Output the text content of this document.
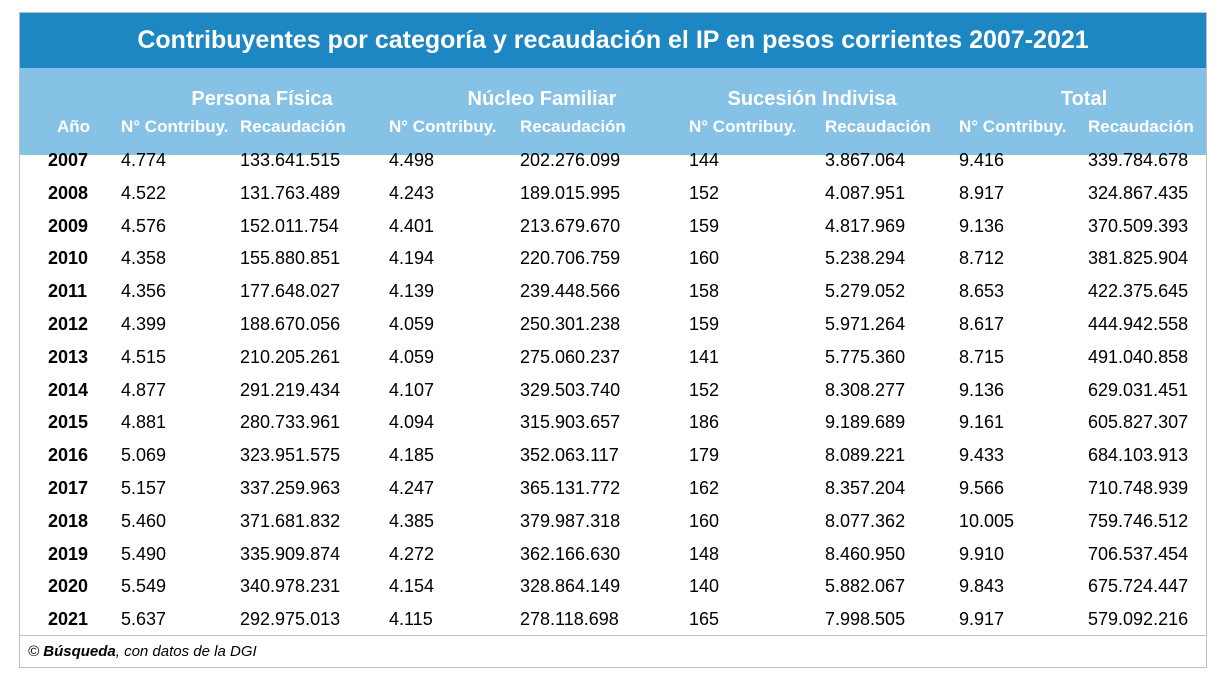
Contribuyentes por categoría y recaudación el IP en pesos corrientes 2007-2021
Persona Física	Núcleo Familiar	Sucesión Indivisa	Total
Año N° Contribuy. Recaudación	N° Contribuy. Recaudación	N° Contribuy. Recaudación N° Contribuy. Recaudación
2007 4.774	133.641.515	4.498	202.276.099	144	3.867.064	9.416	339.784.678
2008 4.522	131.763.489	4.243	189.015.995	152	4.087.951	8.917	324.867.435
2009 4.576	152.011.754	4.401	213.679.670	159	4.817.969	9.136	370.509.393
2010 4.358	155.880.851	4.194	220.706.759	160	5.238.294	8.712	381.825.904
2011 4.356	177.648.027	4.139	239.448.566	158	5.279.052	8.653	422.375.645
2012 4.399	188.670.056	4.059	250.301.238	159	5.971.264	8.617	444.942.558
2013 4.515	210.205.261	4.059	275.060.237	141	5.775.360	8.715	491.040.858
2014 4.877	291.219.434	4.107	329.503.740	152	8.308.277	9.136	629.031.451
2015 4.881	280.733.961	4.094	315.903.657	186	9.189.689	9.161	605.827.307
2016 5.069	323.951.575	4.185	352.063.117	179	8.089.221	9.433	684.103.913
2017 5.157	337.259.963	4.247	365.131.772	162	8.357.204	9.566	710.748.939
2018 5.460	371.681.832	4.385	379.987.318	160	8.077.362	10.005	759.746.512
2019 5.490	335.909.874	4.272	362.166.630	148	8.460.950	9.910	706.537.454
2020 5.549	340.978.231	4.154	328.864.149	140	5.882.067	9.843	675.724.447
2021 5.637	292.975.013	4.115	278.118.698	165	7.998.505	9.917	579.092.216
© Búsqueda, con datos de la DGI
